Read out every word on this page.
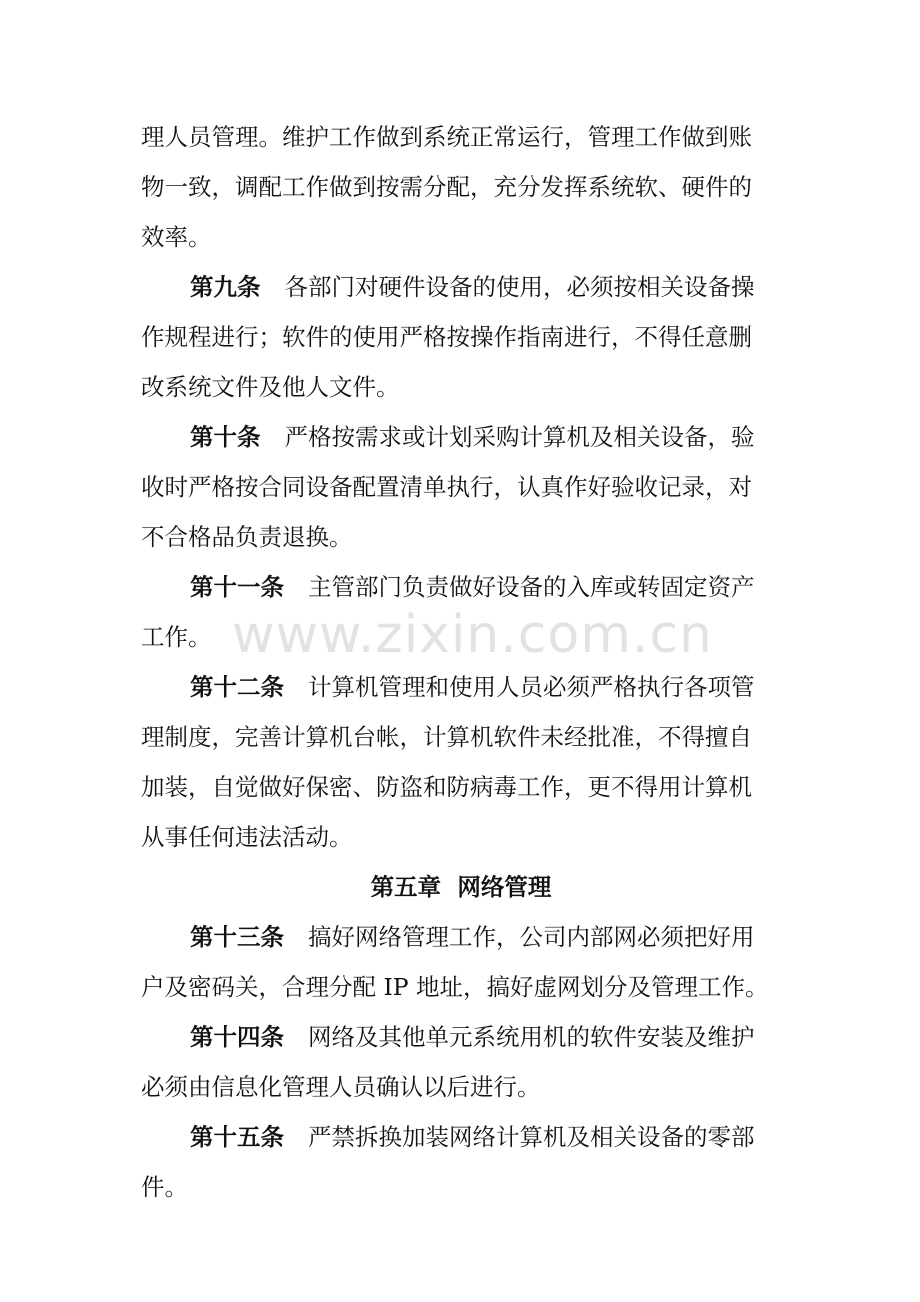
理人员管理。维护工作做到系统正常运行，管理工作做到账
物一致，调配工作做到按需分配，充分发挥系统软、硬件的
效率。
第九条 各部门对硬件设备的使用，必须按相关设备操
作规程进行；软件的使用严格按操作指南进行，不得任意删
改系统文件及他人文件。
第十条 严格按需求或计划采购计算机及相关设备，验
收时严格按合同设备配置清单执行，认真作好验收记录，对
不合格品负责退换。
第十一条 主管部门负责做好设备的入库或转固定资产
工作。
第十二条 计算机管理和使用人员必须严格执行各项管
理制度，完善计算机台帐，计算机软件未经批准，不得擅自
加装，自觉做好保密、防盗和防病毒工作，更不得用计算机
从事任何违法活动。
第五章  网络管理
第十三条 搞好网络管理工作，公司内部网必须把好用
户及密码关，合理分配 IP 地址，搞好虚网划分及管理工作。
第十四条 网络及其他单元系统用机的软件安装及维护
必须由信息化管理人员确认以后进行。
第十五条 严禁拆换加装网络计算机及相关设备的零部
件。
www.zixin.com.cn
